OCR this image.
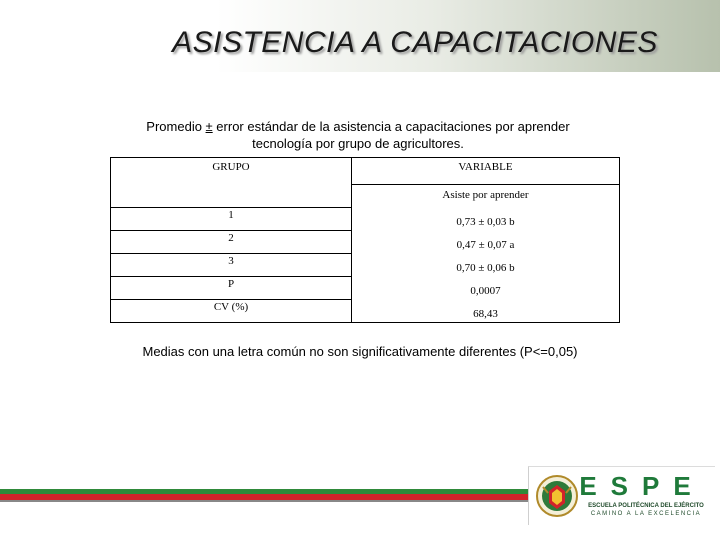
ASISTENCIA A CAPACITACIONES
Promedio ± error estándar de la asistencia a capacitaciones por aprender
tecnología por grupo de agricultores.
GRUPO	VARIABLE
	Asiste por aprender
1	0,73 ± 0,03 b
2	0,47 ± 0,07 a
3	0,70 ± 0,06 b
P	0,0007
CV (%)	68,43
Medias con una letra común no son significativamente diferentes (P<=0,05)
ESPE
ESCUELA POLITÉCNICA DEL EJÉRCITO
CAMINO A LA EXCELENCIA
